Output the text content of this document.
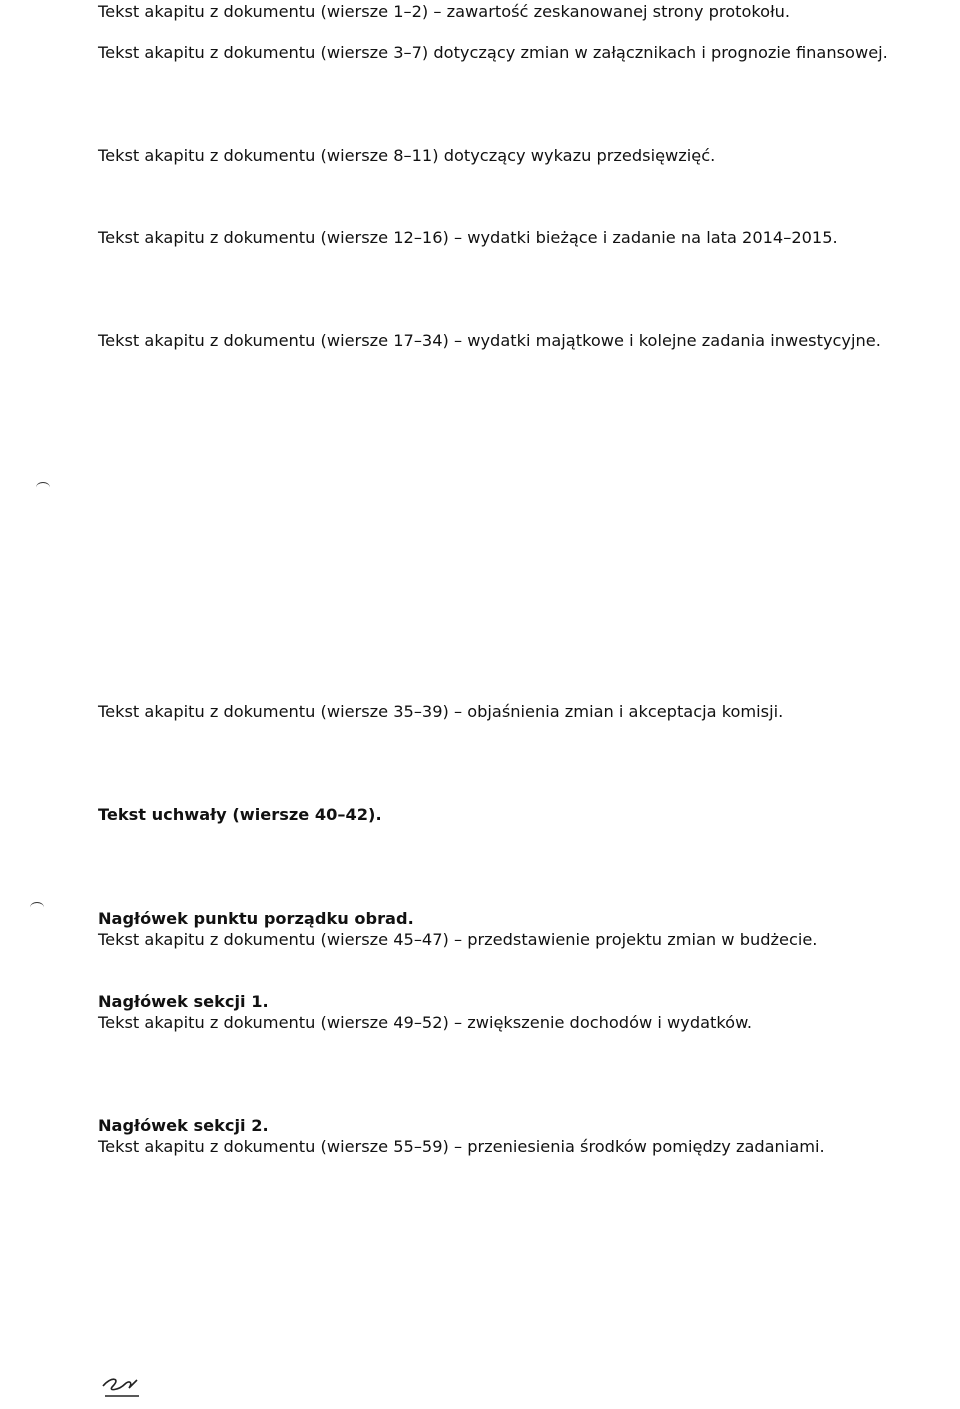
Tekst akapitu z dokumentu (wiersze 1–2) – zawartość zeskanowanej strony protokołu.

Tekst akapitu z dokumentu (wiersze 3–7) dotyczący zmian w załącznikach i prognozie finansowej.

Tekst akapitu z dokumentu (wiersze 8–11) dotyczący wykazu przedsięwzięć.

Tekst akapitu z dokumentu (wiersze 12–16) – wydatki bieżące i zadanie na lata 2014–2015.

Tekst akapitu z dokumentu (wiersze 17–34) – wydatki majątkowe i kolejne zadania inwestycyjne.

Tekst akapitu z dokumentu (wiersze 35–39) – objaśnienia zmian i akceptacja komisji.

Tekst uchwały (wiersze 40–42).

Nagłówek punktu porządku obrad.

Tekst akapitu z dokumentu (wiersze 45–47) – przedstawienie projektu zmian w budżecie.

Nagłówek sekcji 1.

Tekst akapitu z dokumentu (wiersze 49–52) – zwiększenie dochodów i wydatków.

Nagłówek sekcji 2.

Tekst akapitu z dokumentu (wiersze 55–59) – przeniesienia środków pomiędzy zadaniami.
